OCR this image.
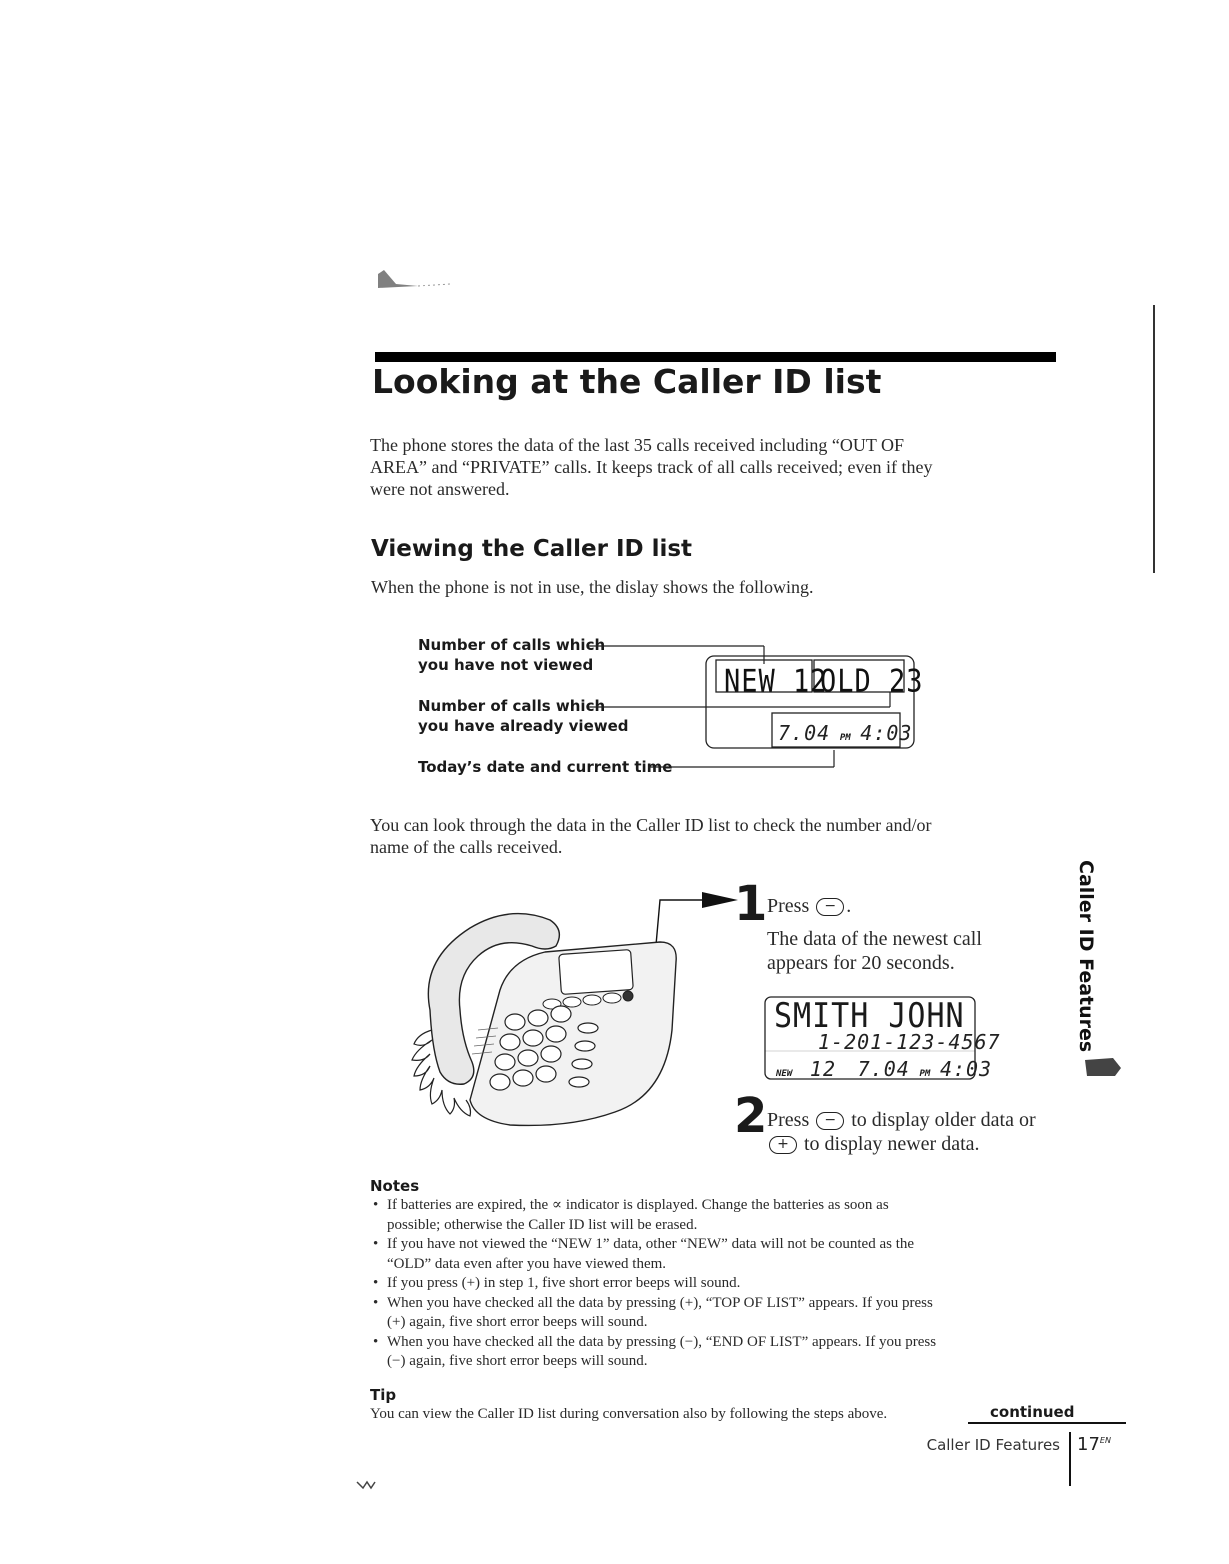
Looking at the Caller ID list
The phone stores the data of the last 35 calls received including “OUT OF AREA” and “PRIVATE” calls. It keeps track of all calls received; even if they were not answered.
Viewing the Caller ID list
When the phone is not in use, the dislay shows the following.
Number of calls which
you have not viewed
Number of calls which
you have already viewed
Today’s date and current time
NEW 12
OLD 23
7.04 PM 4:03
You can look through the data in the Caller ID list to check the number and/or name of the calls received.
1 Press − .
The data of the newest call appears for 20 seconds.
SMITH JOHN
1-201-123-4567
NEW 12 7.04 PM 4:03
2 Press − to display older data or + to display newer data.
Notes
• If batteries are expired, the ∝ indicator is displayed. Change the batteries as soon as possible; otherwise the Caller ID list will be erased.
• If you have not viewed the “NEW 1” data, other “NEW” data will not be counted as the “OLD” data even after you have viewed them.
• If you press (+) in step 1, five short error beeps will sound.
• When you have checked all the data by pressing (+), “TOP OF LIST” appears. If you press (+) again, five short error beeps will sound.
• When you have checked all the data by pressing (−), “END OF LIST” appears. If you press (−) again, five short error beeps will sound.
Tip
You can view the Caller ID list during conversation also by following the steps above.	continued
Caller ID Features $17^{EN}$
Caller ID Features
